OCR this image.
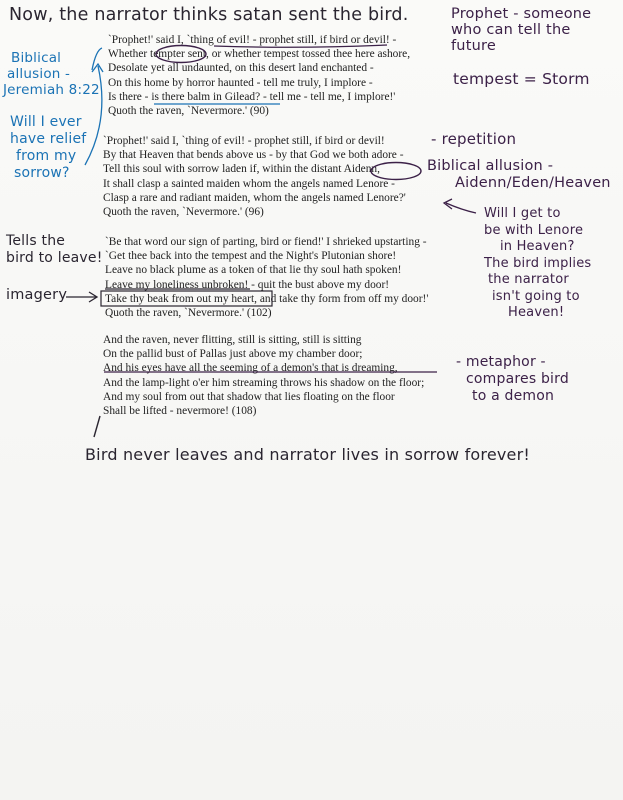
Now, the narrator thinks satan sent the bird.
`Prophet!' said I, `thing of evil! - prophet still, if bird or devil! -
Whether tempter sent, or whether tempest tossed thee here ashore,
Desolate yet all undaunted, on this desert land enchanted -
On this home by horror haunted - tell me truly, I implore -
Is there - is there balm in Gilead? - tell me - tell me, I implore!'
Quoth the raven, `Nevermore.' (90)
`Prophet!' said I, `thing of evil! - prophet still, if bird or devil!
By that Heaven that bends above us - by that God we both adore -
Tell this soul with sorrow laden if, within the distant Aidenn,
It shall clasp a sainted maiden whom the angels named Lenore -
Clasp a rare and radiant maiden, whom the angels named Lenore?'
Quoth the raven, `Nevermore.' (96)
`Be that word our sign of parting, bird or fiend!' I shrieked upstarting -
`Get thee back into the tempest and the Night's Plutonian shore!
Leave no black plume as a token of that lie thy soul hath spoken!
Leave my loneliness unbroken! - quit the bust above my door!
Take thy beak from out my heart, and take thy form from off my door!'
Quoth the raven, `Nevermore.' (102)
And the raven, never flitting, still is sitting, still is sitting
On the pallid bust of Pallas just above my chamber door;
And his eyes have all the seeming of a demon's that is dreaming,
And the lamp-light o'er him streaming throws his shadow on the floor;
And my soul from out that shadow that lies floating on the floor
Shall be lifted - nevermore! (108)
Prophet - someone
who can tell the
future
tempest = Storm
- repetition
Biblical allusion -
Aidenn/Eden/Heaven
Will I get to
be with Lenore
in Heaven?
The bird implies
the narrator
isn't going to
Heaven!
- metaphor -
compares bird
to a demon
Biblical
allusion -
Jeremiah 8:22
Will I ever
have relief
from my
sorrow?
Tells the
bird to leave!
imagery
Bird never leaves and narrator lives in sorrow forever!
